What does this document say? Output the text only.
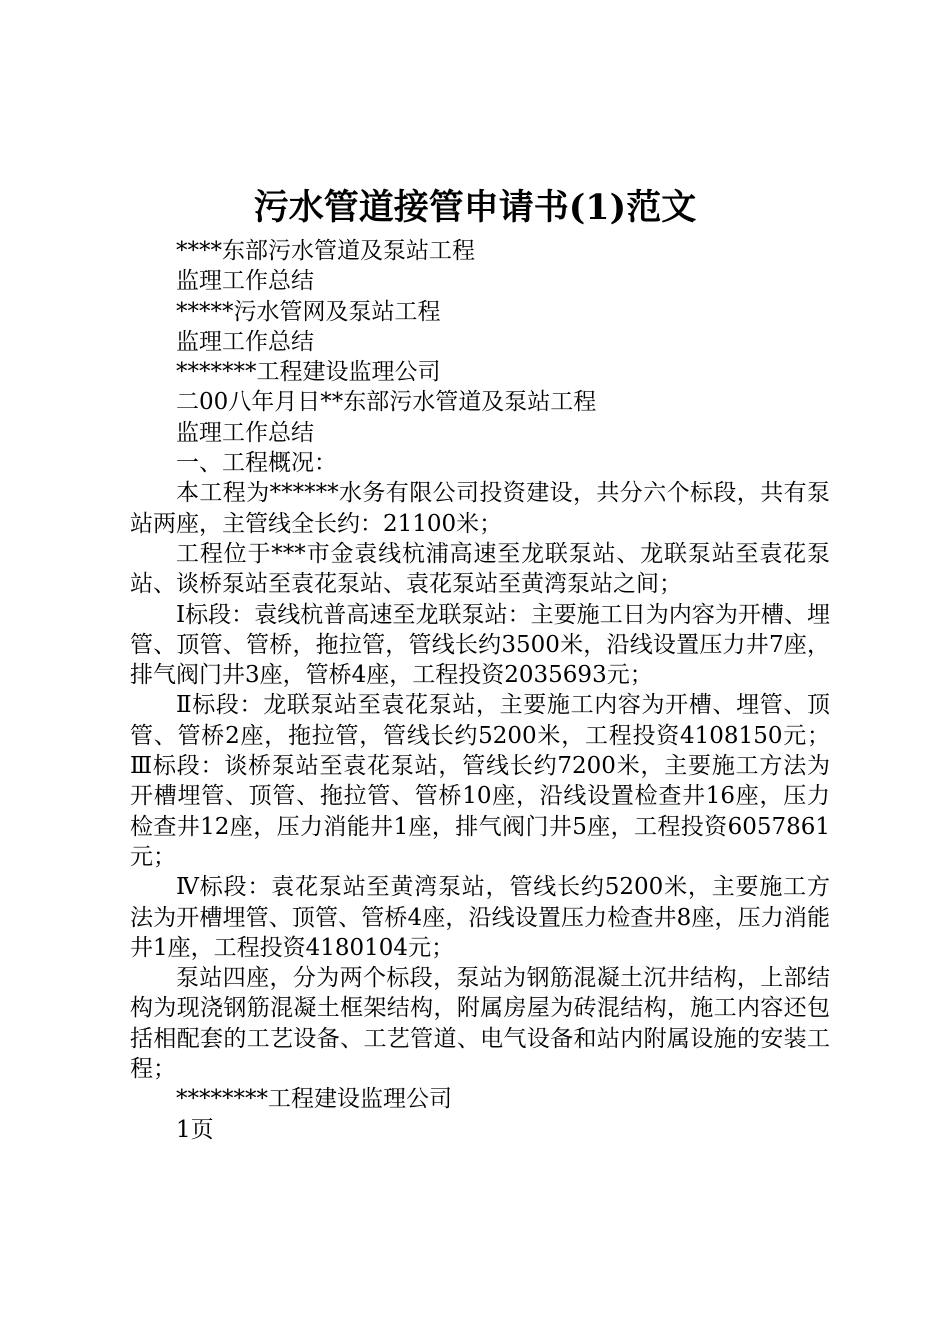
污水管道接管申请书(1)范文

****东部污水管道及泵站工程

监理工作总结

*****污水管网及泵站工程

监理工作总结

*******工程建设监理公司

二00八年月日**东部污水管道及泵站工程

监理工作总结

一、工程概况：

本工程为******水务有限公司投资建设，共分六个标段，共有泵站两座，主管线全长约：21100米；

工程位于***市金袁线杭浦高速至龙联泵站、龙联泵站至袁花泵站、谈桥泵站至袁花泵站、袁花泵站至黄湾泵站之间；

Ⅰ标段：袁线杭普高速至龙联泵站：主要施工日为内容为开槽、埋管、顶管、管桥，拖拉管，管线长约3500米，沿线设置压力井7座，排气阀门井3座，管桥4座，工程投资2035693元；

Ⅱ标段：龙联泵站至袁花泵站，主要施工内容为开槽、埋管、顶管、管桥2座，拖拉管，管线长约5200米，工程投资4108150元；Ⅲ标段：谈桥泵站至袁花泵站，管线长约7200米，主要施工方法为开槽埋管、顶管、拖拉管、管桥10座，沿线设置检查井16座，压力检查井12座，压力消能井1座，排气阀门井5座，工程投资6057861元；

Ⅳ标段：袁花泵站至黄湾泵站，管线长约5200米，主要施工方法为开槽埋管、顶管、管桥4座，沿线设置压力检查井8座，压力消能井1座，工程投资4180104元；

泵站四座，分为两个标段，泵站为钢筋混凝土沉井结构，上部结构为现浇钢筋混凝土框架结构，附属房屋为砖混结构，施工内容还包括相配套的工艺设备、工艺管道、电气设备和站内附属设施的安装工程；

********工程建设监理公司

1页
